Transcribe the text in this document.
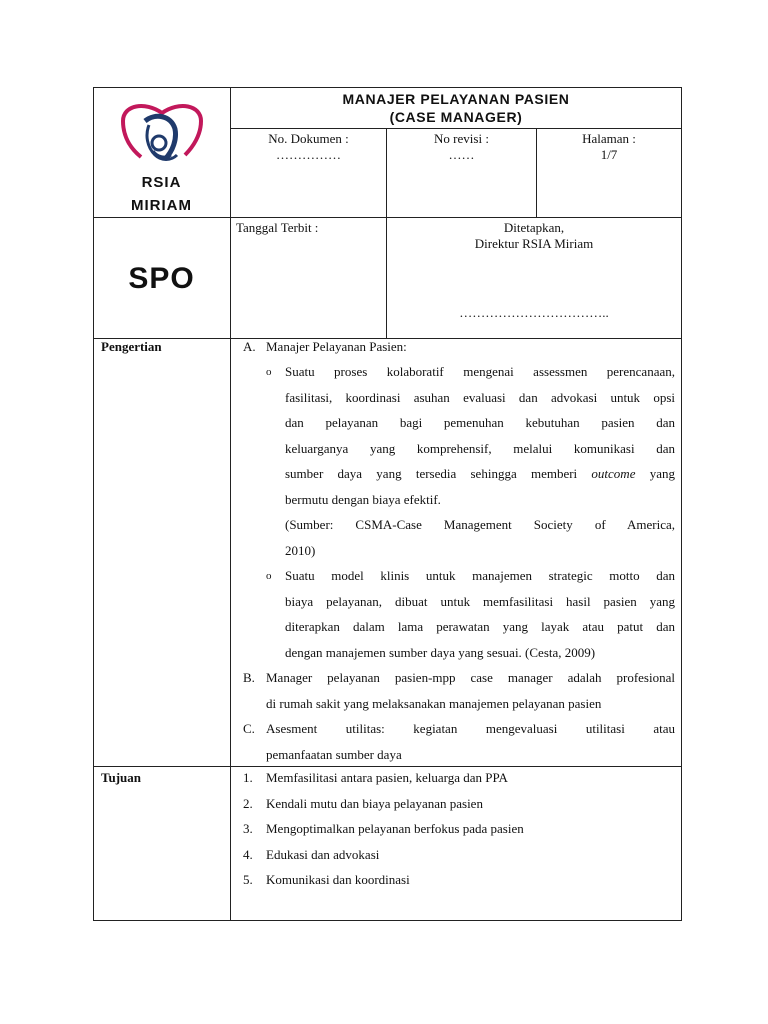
RSIA
MIRIAM
MANAJER PELAYANAN PASIEN
(CASE MANAGER)
No. Dokumen :
……………
No revisi :
……
Halaman :
1/7
SPO
Tanggal Terbit :	Ditetapkan,
Direktur RSIA Miriam
……………………………..
Pengertian	A. Manajer Pelayanan Pasien:
o Suatu proses kolaboratif mengenai assessmen perencanaan,
fasilitasi, koordinasi asuhan evaluasi dan advokasi untuk opsi
dan pelayanan bagi pemenuhan kebutuhan pasien dan
keluarganya yang komprehensif, melalui komunikasi dan
sumber daya yang tersedia sehingga memberi outcome yang
bermutu dengan biaya efektif.
(Sumber: CSMA-Case Management Society of America,
2010)
o Suatu model klinis untuk manajemen strategic motto dan
biaya pelayanan, dibuat untuk memfasilitasi hasil pasien yang
diterapkan dalam lama perawatan yang layak atau patut dan
dengan manajemen sumber daya yang sesuai. (Cesta, 2009)
B. Manager pelayanan pasien-mpp case manager adalah profesional
di rumah sakit yang melaksanakan manajemen pelayanan pasien
C. Asesment utilitas: kegiatan mengevaluasi utilitasi atau
pemanfaatan sumber daya
Tujuan	1. Memfasilitasi antara pasien, keluarga dan PPA
2. Kendali mutu dan biaya pelayanan pasien
3. Mengoptimalkan pelayanan berfokus pada pasien
4. Edukasi dan advokasi
5. Komunikasi dan koordinasi
